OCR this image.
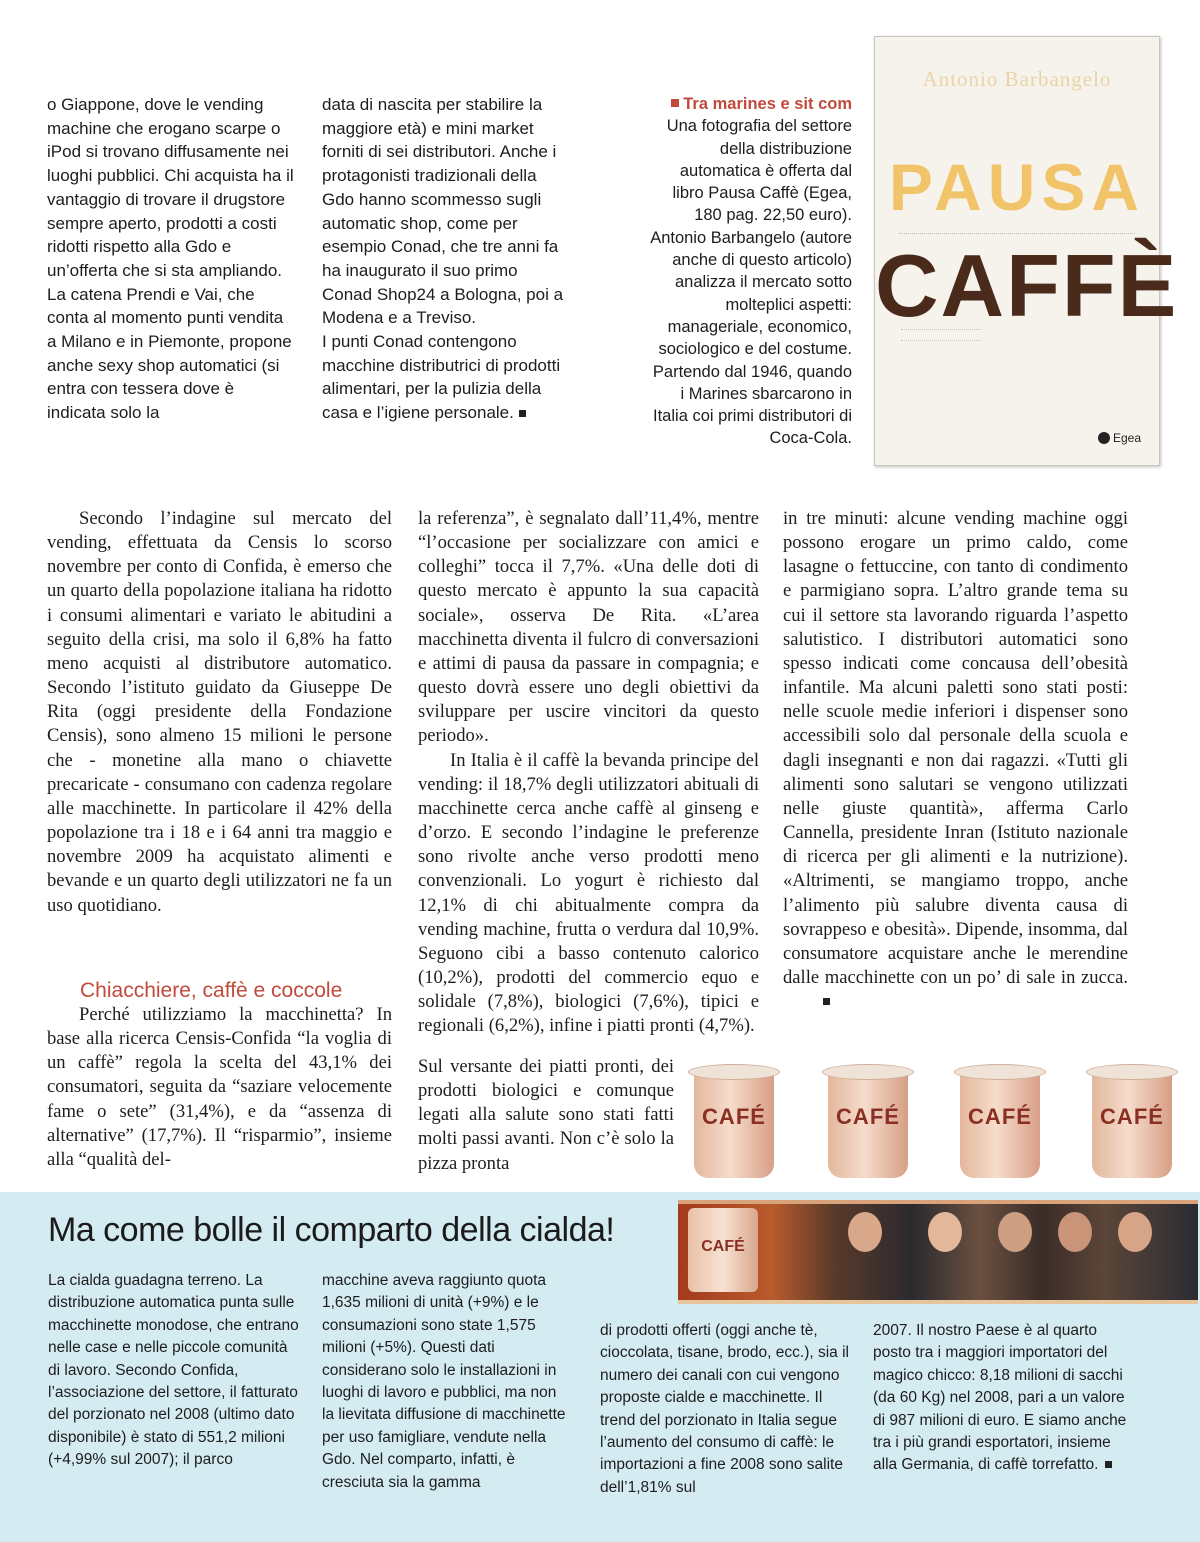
o Giappone, dove le vending machine che erogano scarpe o iPod si trovano diffusamente nei luoghi pubblici. Chi acquista ha il vantaggio di trovare il drugstore sempre aperto, prodotti a costi ridotti rispetto alla Gdo e un’offerta che si sta ampliando. La catena Prendi e Vai, che conta al momento punti vendita a Milano e in Piemonte, propone anche sexy shop automatici (si entra con tessera dove è indicata solo la

data di nascita per stabilire la maggiore età) e mini market forniti di sei distributori. Anche i protagonisti tradizionali della Gdo hanno scommesso sugli automatic shop, come per esempio Conad, che tre anni fa ha inaugurato il suo primo Conad Shop24 a Bologna, poi a Modena e a Treviso.

I punti Conad contengono macchine distributrici di prodotti alimentari, per la pulizia della casa e l’igiene personale.

Tra marines e sit com
Una fotografia del settore della distribuzione automatica è offerta dal libro Pausa Caffè (Egea, 180 pag. 22,50 euro). Antonio Barbangelo (autore anche di questo articolo) analizza il mercato sotto molteplici aspetti: manageriale, economico, sociologico e del costume. Partendo dal 1946, quando i Marines sbarcarono in Italia coi primi distributori di Coca-Cola.
Antonio Barbangelo
PAUSA
CAFFÈ
Egea

Secondo l’indagine sul mercato del vending, effettuata da Censis lo scorso novembre per conto di Confida, è emerso che un quarto della popolazione italiana ha ridotto i consumi alimentari e variato le abitudini a seguito della crisi, ma solo il 6,8% ha fatto meno acquisti al distributore automatico. Secondo l’istituto guidato da Giuseppe De Rita (oggi presidente della Fondazione Censis), sono almeno 15 milioni le persone che - monetine alla mano o chiavette precaricate - consumano con cadenza regolare alle macchinette. In particolare il 42% della popolazione tra i 18 e i 64 anni tra maggio e novembre 2009 ha acquistato alimenti e bevande e un quarto degli utilizzatori ne fa un uso quotidiano.

Chiacchiere, caffè e coccole

Perché utilizziamo la macchinetta? In base alla ricerca Censis-Confida “la voglia di un caffè” regola la scelta del 43,1% dei consumatori, seguita da “saziare velocemente fame o sete” (31,4%), e da “assenza di alternative” (17,7%). Il “risparmio”, insieme alla “qualità del-

la referenza”, è segnalato dall’11,4%, mentre “l’occasione per socializzare con amici e colleghi” tocca il 7,7%. «Una delle doti di questo mercato è appunto la sua capacità sociale», osserva De Rita. «L’area macchinetta diventa il fulcro di conversazioni e attimi di pausa da passare in compagnia; e questo dovrà essere uno degli obiettivi da sviluppare per uscire vincitori da questo periodo».

In Italia è il caffè la bevanda principe del vending: il 18,7% degli utilizzatori abituali di macchinette cerca anche caffè al ginseng e d’orzo. E secondo l’indagine le preferenze sono rivolte anche verso prodotti meno convenzionali. Lo yogurt è richiesto dal 12,1% di chi abitualmente compra da vending machine, frutta o verdura dal 10,9%. Seguono cibi a basso contenuto calorico (10,2%), prodotti del commercio equo e solidale (7,8%), biologici (7,6%), tipici e regionali (6,2%), infine i piatti pronti (4,7%).

Sul versante dei piatti pronti, dei prodotti biologici e comunque legati alla salute sono stati fatti molti passi avanti. Non c’è solo la pizza pronta

in tre minuti: alcune vending machine oggi possono erogare un primo caldo, come lasagne o fettuccine, con tanto di condimento e parmigiano sopra. L’altro grande tema su cui il settore sta lavorando riguarda l’aspetto salutistico. I distributori automatici sono spesso indicati come concausa dell’obesità infantile. Ma alcuni paletti sono stati posti: nelle scuole medie inferiori i dispenser sono accessibili solo dal personale della scuola e dagli insegnanti e non dai ragazzi. «Tutti gli alimenti sono salutari se vengono utilizzati nelle giuste quantità», afferma Carlo Cannella, presidente Inran (Istituto nazionale di ricerca per gli alimenti e la nutrizione). «Altrimenti, se mangiamo troppo, anche l’alimento più salubre diventa causa di sovrappeso e obesità». Dipende, insomma, dal consumatore acquistare anche le merendine dalle macchinette con un po’ di sale in zucca.

CAFÉ	CAFÉ	CAFÉ	CAFÉ
Ma come bolle il comparto della cialda!	CAFÉ

La cialda guadagna terreno. La distribuzione automatica punta sulle macchinette monodose, che entrano nelle case e nelle piccole comunità di lavoro. Secondo Confida, l’associazione del settore, il fatturato del porzionato nel 2008 (ultimo dato disponibile) è stato di 551,2 milioni (+4,99% sul 2007); il parco

macchine aveva raggiunto quota 1,635 milioni di unità (+9%) e le consumazioni sono state 1,575 milioni (+5%). Questi dati considerano solo le installazioni in luoghi di lavoro e pubblici, ma non la lievitata diffusione di macchinette per uso famigliare, vendute nella Gdo. Nel comparto, infatti, è cresciuta sia la gamma

di prodotti offerti (oggi anche tè, cioccolata, tisane, brodo, ecc.), sia il numero dei canali con cui vengono proposte cialde e macchinette. Il trend del porzionato in Italia segue l’aumento del consumo di caffè: le importazioni a fine 2008 sono salite dell’1,81% sul

2007. Il nostro Paese è al quarto posto tra i maggiori importatori del magico chicco: 8,18 milioni di sacchi (da 60 Kg) nel 2008, pari a un valore di 987 milioni di euro. E siamo anche tra i più grandi esportatori, insieme alla Germania, di caffè torrefatto.
